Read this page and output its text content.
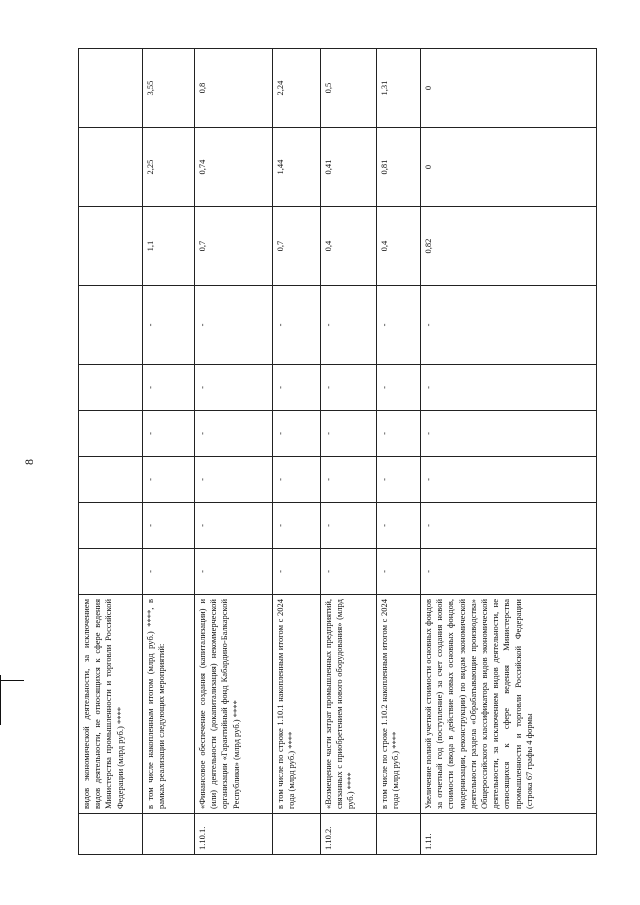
8
	видов экономической деятельности, за исключением видов деятельности, не относящихся к сфере ведения Министерства промышленности и торговли Российской Федерации (млрд руб.) ****									
	в том числе накопленным итогом (млрд руб.) ****, в рамках реализации следующих мероприятий:	-	-	-	-	-	-	1,1	2,25	3,55
1.10.1.	«Финансовое обеспечение создания (капитализации) и (или) деятельности (докапитализация) некоммерческой организации «Гарантийный фонд Кабардино-Балкарской Республики» (млрд руб.) ****	-	-	-	-	-	-	0,7	0,74	0,8
	в том числе по строке 1.10.1 накопленным итогом с 2024 года (млрд руб.) ****	-	-	-	-	-	-	0,7	1,44	2,24
1.10.2.	«Возмещение части затрат промышленных предприятий, связанных с приобретением нового оборудования» (млрд руб.) ****	-	-	-	-	-	-	0,4	0,41	0,5
	в том числе по строке 1.10.2 накопленным итогом с 2024 года (млрд руб.) ****	-	-	-	-	-	-	0,4	0,81	1,31
1.11.	Увеличение полной учетной стоимости основных фондов за отчетный год (поступление) за счет создания новой стоимости (ввода в действие новых основных фондов, модернизации, реконструкции) по видам экономической деятельности раздела «Обрабатывающие производства» Общероссийского классификатора видов экономической деятельности, за исключением видов деятельности, не относящихся к сфере ведения Министерства промышленности и торговли Российской Федерации (строка 67 графы 4 формы	-	-	-	-	-	-	0,82	0	0
